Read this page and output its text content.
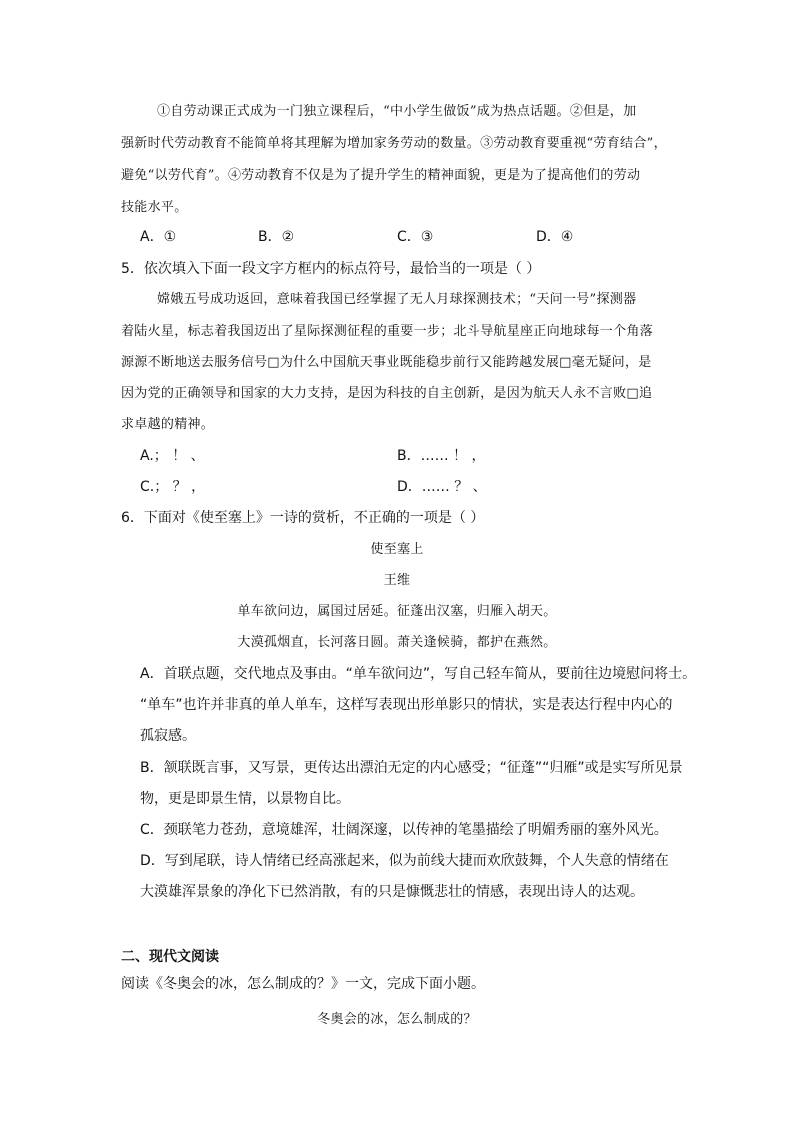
①自劳动课正式成为一门独立课程后，“中小学生做饭”成为热点话题。②但是，加
强新时代劳动教育不能简单将其理解为增加家务劳动的数量。③劳动教育要重视“劳育结合”，
避免“以劳代育”。④劳动教育不仅是为了提升学生的精神面貌，更是为了提高他们的劳动
技能水平。
A．①	B．②	C．③	D．④
5．依次填入下面一段文字方框内的标点符号，最恰当的一项是（ ）
嫦娥五号成功返回，意味着我国已经掌握了无人月球探测技术；“天问一号”探测器
着陆火星，标志着我国迈出了星际探测征程的重要一步；北斗导航星座正向地球每一个角落
源源不断地送去服务信号□为什么中国航天事业既能稳步前行又能跨越发展□毫无疑问，是
因为党的正确领导和国家的大力支持，是因为科技的自主创新，是因为航天人永不言败□追
求卓越的精神。
A.； ！ 、	B．…… ！ ，
C.； ？ ，	D．…… ？ 、
6．下面对《使至塞上》一诗的赏析，不正确的一项是（ ）
使至塞上
王维
单车欲问边，属国过居延。征蓬出汉塞，归雁入胡天。
大漠孤烟直，长河落日圆。萧关逢候骑，都护在燕然。
A．首联点题，交代地点及事由。“单车欲问边”，写自己轻车简从，要前往边境慰问将士。
“单车”也许并非真的单人单车，这样写表现出形单影只的情状，实是表达行程中内心的
孤寂感。
B．颔联既言事，又写景，更传达出漂泊无定的内心感受；“征蓬”“归雁”或是实写所见景
物，更是即景生情，以景物自比。
C．颈联笔力苍劲，意境雄浑，壮阔深邃，以传神的笔墨描绘了明媚秀丽的塞外风光。
D．写到尾联，诗人情绪已经高涨起来，似为前线大捷而欢欣鼓舞，个人失意的情绪在
大漠雄浑景象的净化下已然消散，有的只是慷慨悲壮的情感，表现出诗人的达观。
二、现代文阅读
阅读《冬奥会的冰，怎么制成的？》一文，完成下面小题。
冬奥会的冰，怎么制成的？
